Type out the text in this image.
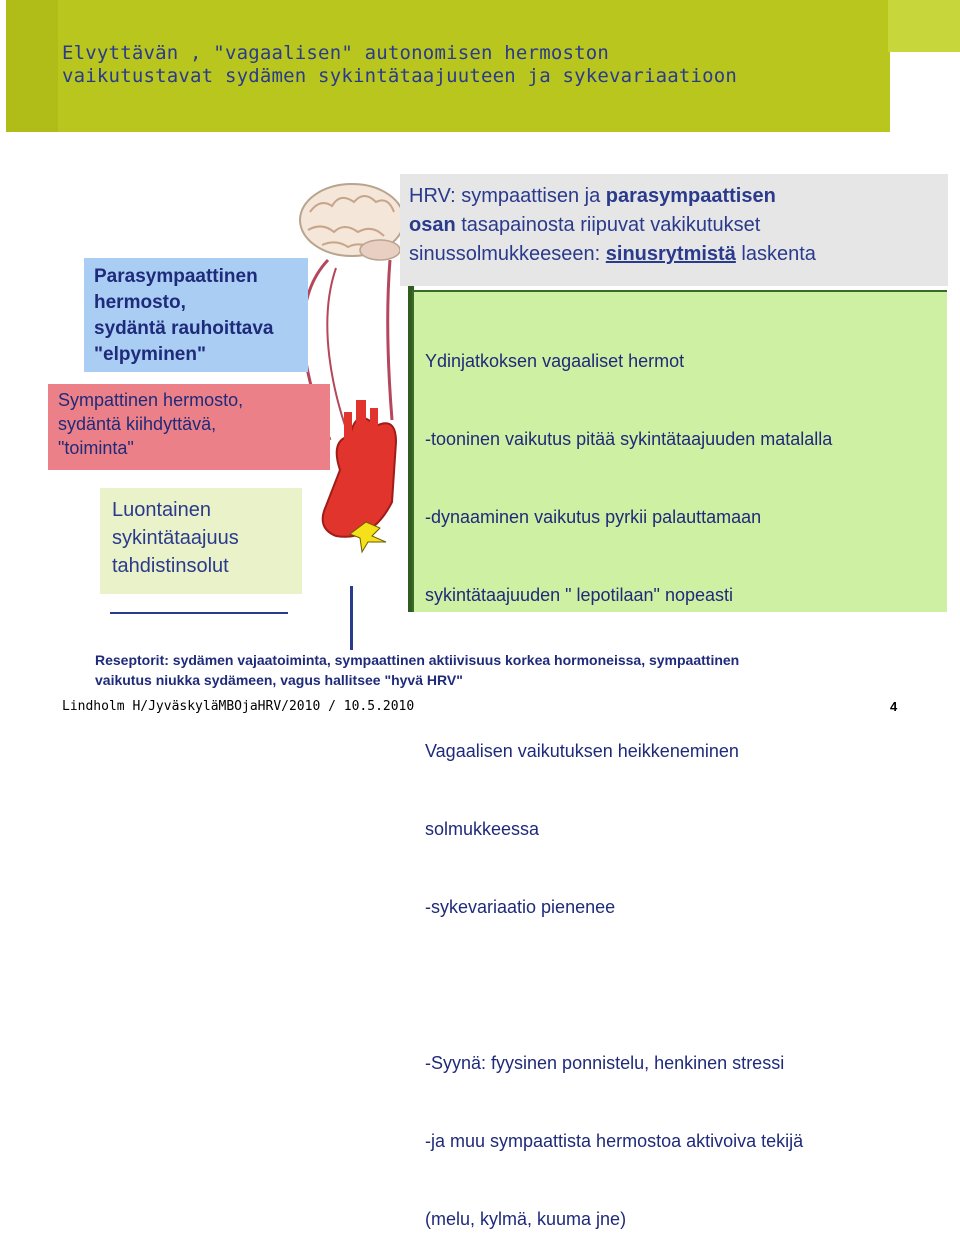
Elvyttävän , "vagaalisen" autonomisen hermoston
vaikutustavat sydämen sykintätaajuuteen ja sykevariaatioon
HRV: sympaattisen ja parasympaattisen
osan tasapainosta riipuvat vakikutukset
sinussolmukkeeseen: sinusrytmistä laskenta

Ydinjatkoksen vagaaliset hermot

-tooninen vaikutus pitää sykintätaajuuden matalalla

-dynaaminen vaikutus pyrkii palauttamaan

sykintätaajuuden " lepotilaan" nopeasti

Vagaalisen vaikutuksen heikkeneminen

solmukkeessa

-sykevariaatio pienenee

-Syynä: fyysinen ponnistelu, henkinen stressi

-ja muu sympaattista hermostoa aktivoiva tekijä

(melu, kylmä, kuuma jne)

Parasympaattinen
hermosto,
sydäntä rauhoittava
"elpyminen"
Sympattinen hermosto,
sydäntä kiihdyttävä,
"toiminta"
Luontainen
sykintätaajuus
tahdistinsolut
Reseptorit: sydämen vajaatoiminta, sympaattinen aktiivisuus korkea hormoneissa, sympaattinen
vaikutus niukka sydämeen, vagus hallitsee "hyvä HRV"
Lindholm H/JyväskyläMBOjaHRV/2010 / 10.5.2010	4
